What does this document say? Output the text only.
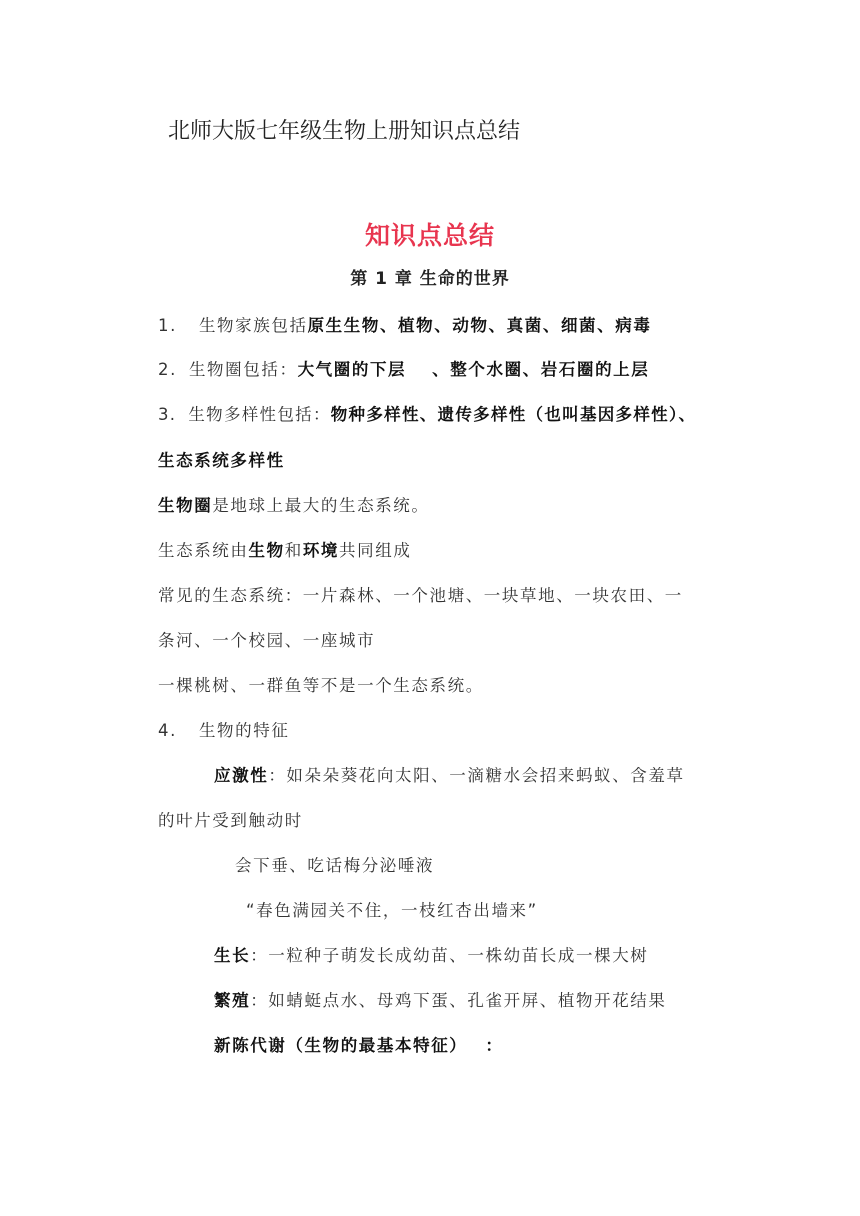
北师大版七年级生物上册知识点总结
知识点总结
第 1 章 生命的世界
1. 生物家族包括原生生物、植物、动物、真菌、细菌、病毒
2. 生物圈包括：大气圈的下层 、整个水圈、岩石圈的上层
3. 生物多样性包括：物种多样性、遗传多样性（也叫基因多样性）、
生态系统多样性
生物圈是地球上最大的生态系统。
生态系统由生物和环境共同组成
常见的生态系统：一片森林、一个池塘、一块草地、一块农田、一
条河、一个校园、一座城市
一棵桃树、一群鱼等不是一个生态系统。
4. 生物的特征
应激性：如朵朵葵花向太阳、一滴糖水会招来蚂蚁、含羞草
的叶片受到触动时
会下垂、吃话梅分泌唾液
“春色满园关不住，一枝红杏出墙来”
生长：一粒种子萌发长成幼苗、一株幼苗长成一棵大树
繁殖：如蜻蜓点水、母鸡下蛋、孔雀开屏、植物开花结果
新陈代谢（生物的最基本特征） ：
